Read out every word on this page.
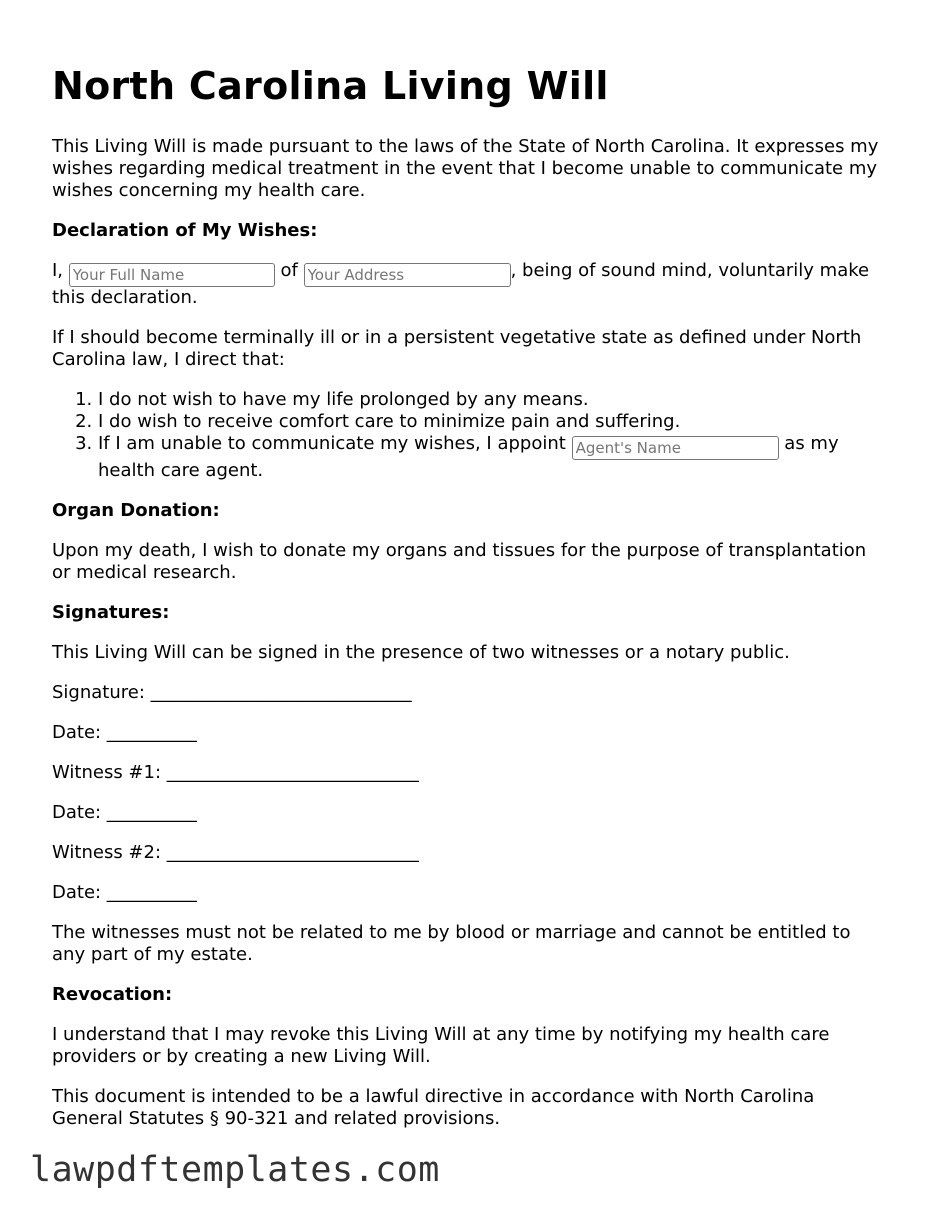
North Carolina Living Will

This Living Will is made pursuant to the laws of the State of North Carolina. It expresses my wishes regarding medical treatment in the event that I become unable to communicate my wishes concerning my health care.

Declaration of My Wishes:

I, Your Full Name	of Your Address	, being of sound mind, voluntarily make this declaration.

If I should become terminally ill or in a persistent vegetative state as defined under North Carolina law, I direct that:

1. I do not wish to have my life prolonged by any means.
2. I do wish to receive comfort care to minimize pain and suffering.
3. If I am unable to communicate my wishes, I appoint Agent's Name	as my health care agent.
Organ Donation:

Upon my death, I wish to donate my organs and tissues for the purpose of transplantation or medical research.

Signatures:

This Living Will can be signed in the presence of two witnesses or a notary public.

Signature: _____________________________
Date: __________
Witness #1: ____________________________
Date: __________
Witness #2: ____________________________
Date: __________

The witnesses must not be related to me by blood or marriage and cannot be entitled to any part of my estate.

Revocation:

I understand that I may revoke this Living Will at any time by notifying my health care providers or by creating a new Living Will.

This document is intended to be a lawful directive in accordance with North Carolina General Statutes § 90-321 and related provisions.

lawpdftemplates.com
